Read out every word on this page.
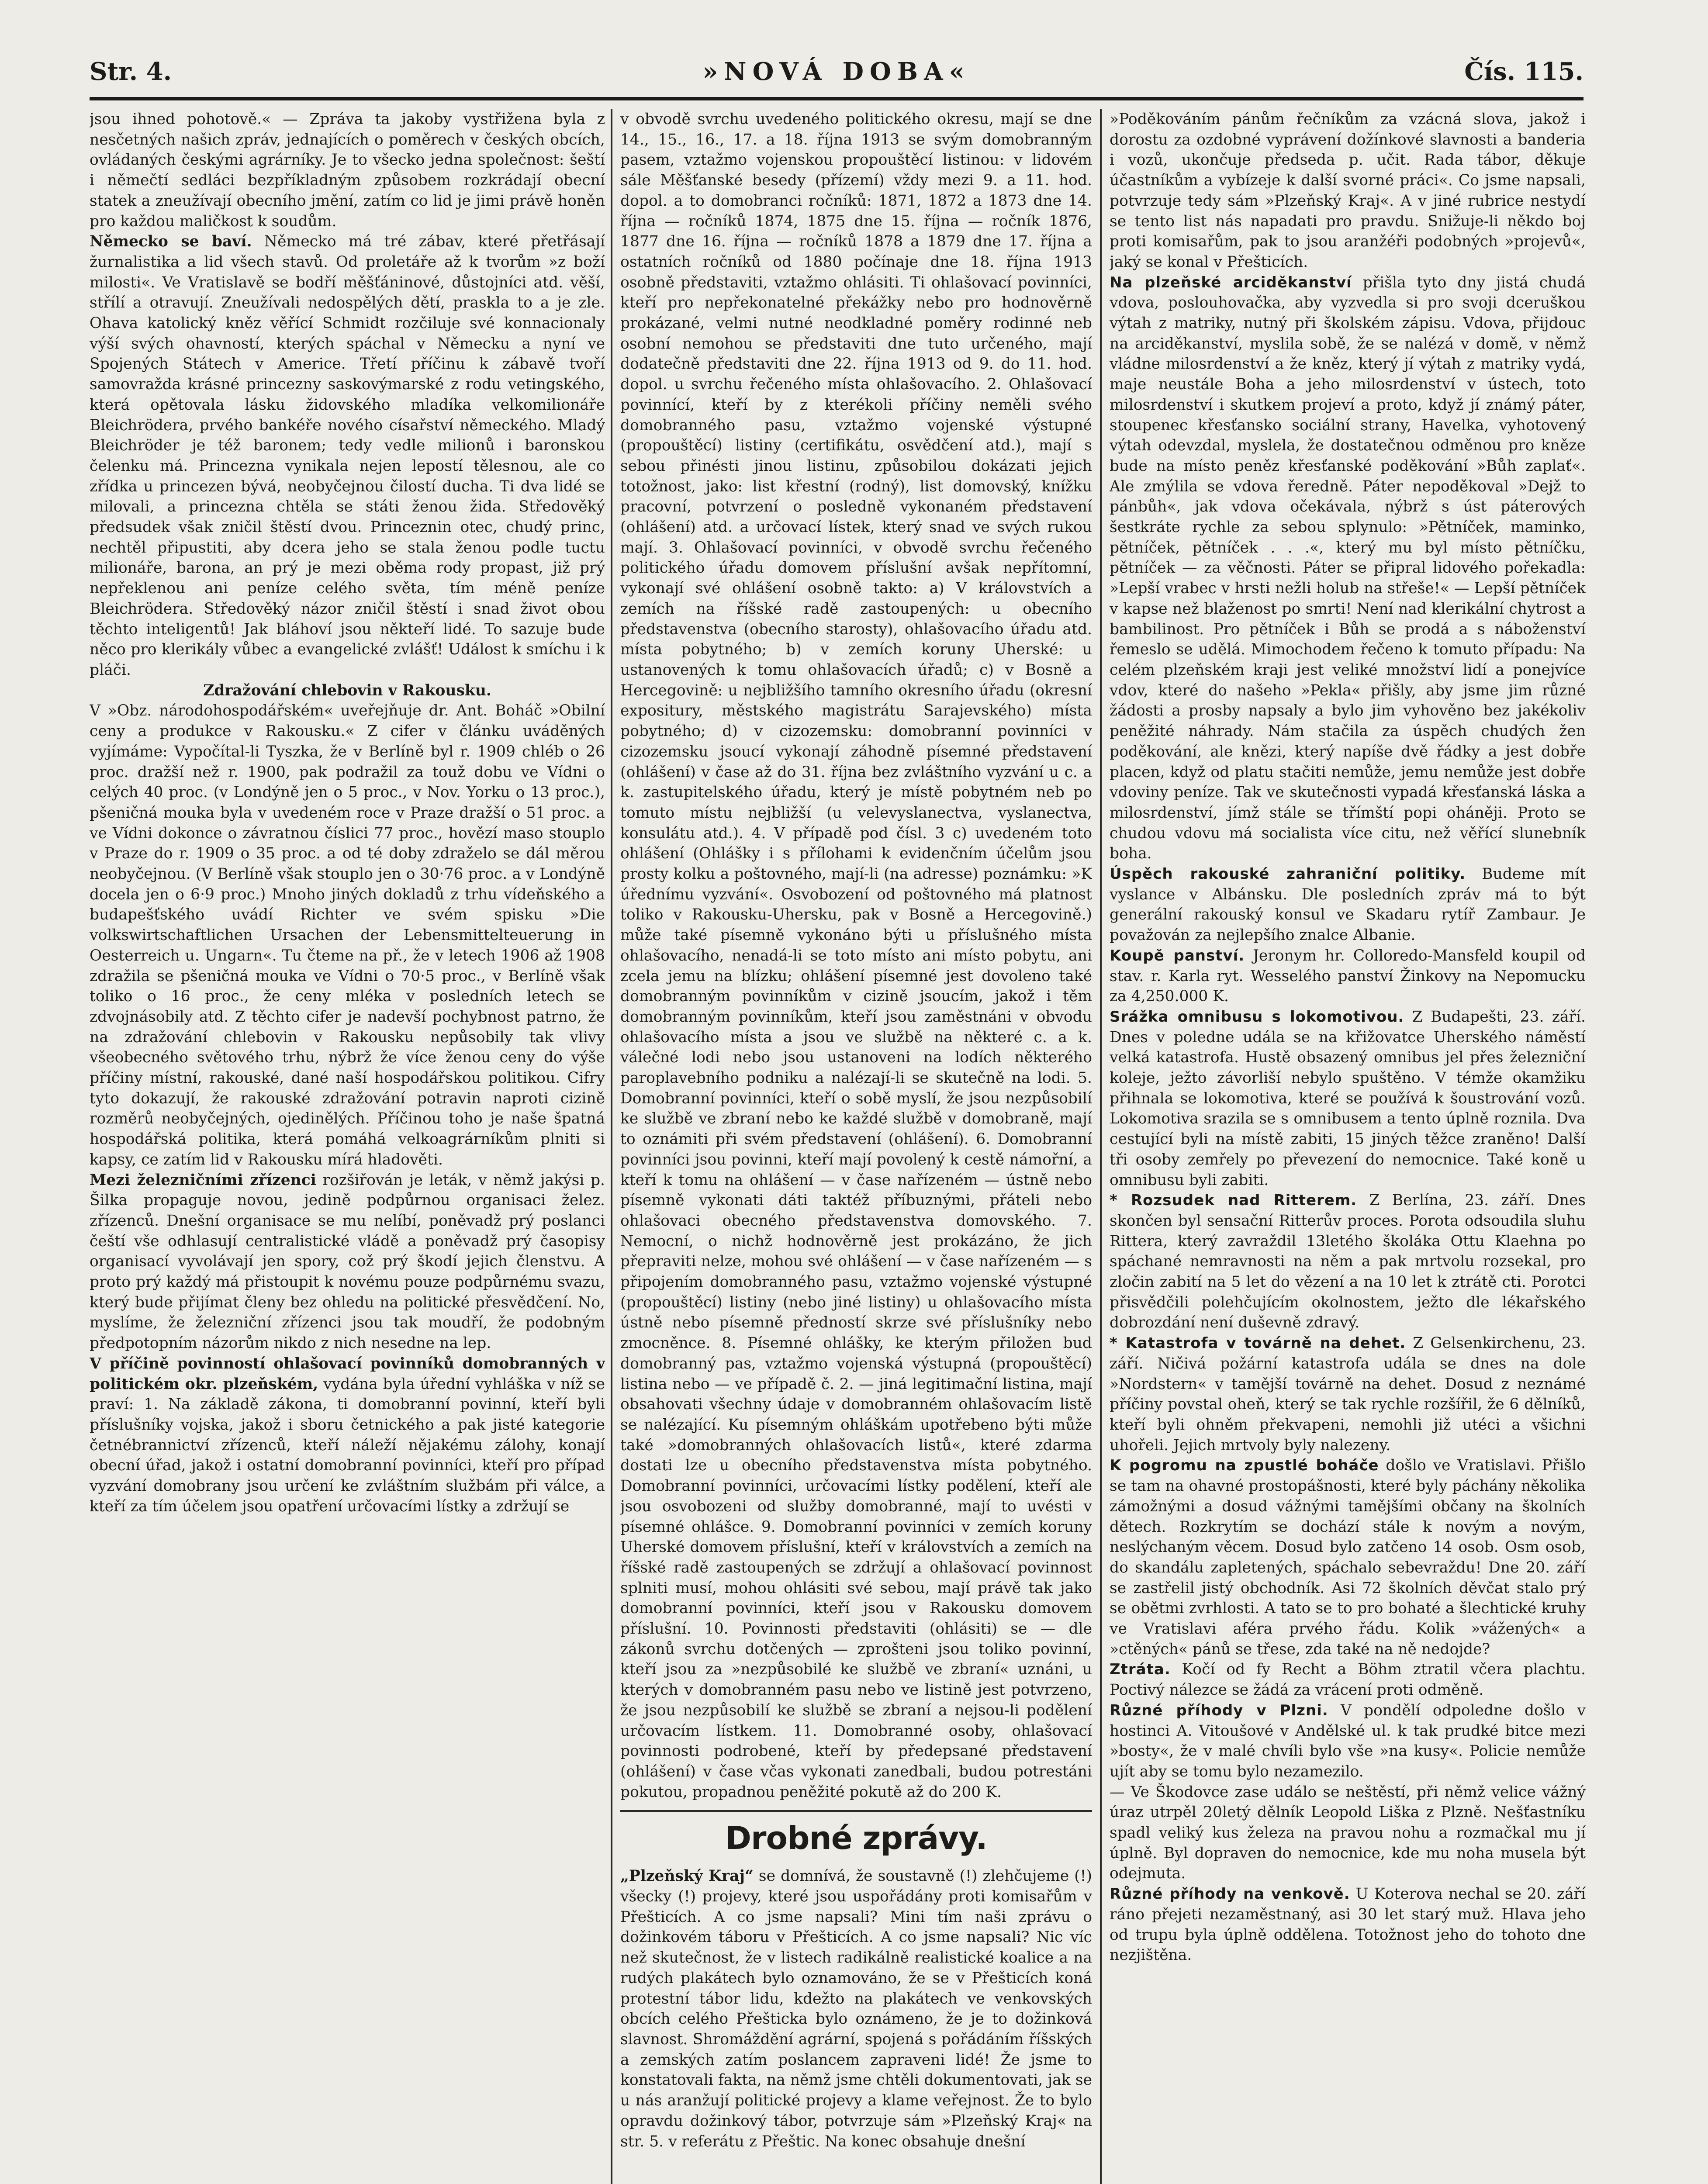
Str. 4.	»NOVÁ DOBA«	Čís. 115.

jsou ihned pohotově.« — Zpráva ta jakoby vystřižena byla z nesčetných našich zpráv, jednajících o poměrech v českých obcích, ovládaných českými agrárníky. Je to všecko jedna společnost: šeští i němečtí sedláci bezpříkladným způsobem rozkrádají obecní statek a zneužívají obecního jmění, zatím co lid je jimi právě honěn pro každou maličkost k soudům.

Německo se baví. Německo má tré zábav, které přetřásají žurnalistika a lid všech stavů. Od proletáře až k tvorům »z boží milosti«. Ve Vratislavě se bodří měšťáninové, důstojníci atd. věší, střílí a otravují. Zneužívali nedospělých dětí, praskla to a je zle. Ohava katolický kněz věřící Schmidt rozčiluje své konnacionaly výší svých ohavností, kterých spáchal v Německu a nyní ve Spojených Státech v Americe. Třetí příčinu k zábavě tvoří samovražda krásné princezny saskovýmarské z rodu vetingského, která opětovala lásku židovského mladíka velkomilionáře Bleichrödera, prvého bankéře nového císařství německého. Mladý Bleichröder je též baronem; tedy vedle milionů i baronskou čelenku má. Princezna vynikala nejen lepostí tělesnou, ale co zřídka u princezen bývá, neobyčejnou čilostí ducha. Ti dva lidé se milovali, a princezna chtěla se státi ženou žida. Středověký předsudek však zničil štěstí dvou. Princeznin otec, chudý princ, nechtěl připustiti, aby dcera jeho se stala ženou podle tuctu milionáře, barona, an prý je mezi oběma rody propast, již prý nepřeklenou ani peníze celého světa, tím méně peníze Bleichrödera. Středověký názor zničil štěstí i snad život obou těchto inteligentů! Jak bláhoví jsou někteří lidé. To sazuje bude něco pro klerikály vůbec a evangelické zvlášť! Událost k smíchu i k pláči.

Zdražování chlebovin v Rakousku.

V »Obz. národohospodářském« uveřejňuje dr. Ant. Boháč »Obilní ceny a produkce v Rakousku.« Z cifer v článku uváděných vyjímáme: Vypočítal-li Tyszka, že v Berlíně byl r. 1909 chléb o 26 proc. dražší než r. 1900, pak podražil za touž dobu ve Vídni o celých 40 proc. (v Londýně jen o 5 proc., v Nov. Yorku o 13 proc.), pšeničná mouka byla v uvedeném roce v Praze dražší o 51 proc. a ve Vídni dokonce o závratnou číslici 77 proc., hovězí maso stouplo v Praze do r. 1909 o 35 proc. a od té doby zdraželo se dál měrou neobyčejnou. (V Berlíně však stouplo jen o 30·76 proc. a v Londýně docela jen o 6·9 proc.) Mnoho jiných dokladů z trhu vídeňského a budapešťského uvádí Richter ve svém spisku »Die volkswirtschaftlichen Ursachen der Lebensmittelteuerung in Oesterreich u. Ungarn«. Tu čteme na př., že v letech 1906 až 1908 zdražila se pšeničná mouka ve Vídni o 70·5 proc., v Berlíně však toliko o 16 proc., že ceny mléka v posledních letech se zdvojnásobily atd. Z těchto cifer je nadevší pochybnost patrno, že na zdražování chlebovin v Rakousku nepůsobily tak vlivy všeobecného světového trhu, nýbrž že více ženou ceny do výše příčiny místní, rakouské, dané naší hospodářskou politikou. Cifry tyto dokazují, že rakouské zdražování potravin naproti cizině rozměrů neobyčejných, ojedinělých. Příčinou toho je naše špatná hospodářská politika, která pomáhá velkoagrárníkům plniti si kapsy, ce zatím lid v Rakousku mírá hladověti.

Mezi železničními zřízenci rozšiřován je leták, v němž jakýsi p. Šilka propaguje novou, jedině podpůrnou organisaci želez. zřízenců. Dnešní organisace se mu nelíbí, poněvadž prý poslanci čeští vše odhlasují centralistické vládě a poněvadž prý časopisy organisací vyvolávají jen spory, což prý škodí jejich členstvu. A proto prý každý má přistoupit k novému pouze podpůrnému svazu, který bude přijímat členy bez ohledu na politické přesvědčení. No, myslíme, že železniční zřízenci jsou tak moudří, že podobným předpotopním názorům nikdo z nich nesedne na lep.

V příčině povinností ohlašovací povinníků domobranných v politickém okr. plzeňském, vydána byla úřední vyhláška v níž se praví: 1. Na základě zákona, ti domobranní povinní, kteří byli příslušníky vojska, jakož i sboru četnického a pak jisté kategorie četnébrannictví zřízenců, kteří náleží nějakému zálohy, konají obecní úřad, jakož i ostatní domobranní povinníci, kteří pro případ vyzvání domobrany jsou určení ke zvláštním službám při válce, a kteří za tím účelem jsou opatření určovacími lístky a zdržují se

v obvodě svrchu uvedeného politického okresu, mají se dne 14., 15., 16., 17. a 18. října 1913 se svým domobranným pasem, vztažmo vojenskou propouštěcí listinou: v lidovém sále Měšťanské besedy (přízemí) vždy mezi 9. a 11. hod. dopol. a to domobranci ročníků: 1871, 1872 a 1873 dne 14. října — ročníků 1874, 1875 dne 15. října — ročník 1876, 1877 dne 16. října — ročníků 1878 a 1879 dne 17. října a ostatních ročníků od 1880 počínaje dne 18. října 1913 osobně představiti, vztažmo ohlásiti. Ti ohlašovací povinníci, kteří pro nepřekonatelné překážky nebo pro hodnověrně prokázané, velmi nutné neodkladné poměry rodinné neb osobní nemohou se představiti dne tuto určeného, mají dodatečně představiti dne 22. října 1913 od 9. do 11. hod. dopol. u svrchu řečeného místa ohlašovacího. 2. Ohlašovací povinnící, kteří by z kterékoli příčiny neměli svého domobranného pasu, vztažmo vojenské výstupné (propouštěcí) listiny (certifikátu, osvědčení atd.), mají s sebou přinésti jinou listinu, způsobilou dokázati jejich totožnost, jako: list křestní (rodný), list domovský, knížku pracovní, potvrzení o posledně vykonaném představení (ohlášení) atd. a určovací lístek, který snad ve svých rukou mají. 3. Ohlašovací povinníci, v obvodě svrchu řečeného politického úřadu domovem příslušní avšak nepřítomní, vykonají své ohlášení osobně takto: a) V královstvích a zemích na říšské radě zastoupených: u obecního představenstva (obecního starosty), ohlašovacího úřadu atd. místa pobytného; b) v zemích koruny Uherské: u ustanovených k tomu ohlašovacích úřadů; c) v Bosně a Hercegovině: u nejbližšího tamního okresního úřadu (okresní expositury, městského magistrátu Sarajevského) místa pobytného; d) v cizozemsku: domobranní povinníci v cizozemsku jsoucí vykonají záhodně písemné představení (ohlášení) v čase až do 31. října bez zvláštního vyzvání u c. a k. zastupitelského úřadu, který je místě pobytném neb po tomuto místu nejbližší (u velevyslanectva, vyslanectva, konsulátu atd.). 4. V případě pod čísl. 3 c) uvedeném toto ohlášení (Ohlášky i s přílohami k evidenčním účelům jsou prosty kolku a poštovného, mají-li (na adresse) poznámku: »K úřednímu vyzvání«. Osvobození od poštovného má platnost toliko v Rakousku-Uhersku, pak v Bosně a Hercegovině.) může také písemně vykonáno býti u příslušného místa ohlašovacího, nenadá-li se toto místo ani místo pobytu, ani zcela jemu na blízku; ohlášení písemné jest dovoleno také domobranným povinníkům v cizině jsoucím, jakož i těm domobranným povinníkům, kteří jsou zaměstnáni v obvodu ohlašovacího místa a jsou ve službě na některé c. a k. válečné lodi nebo jsou ustanoveni na lodích některého paroplavebního podniku a nalézají-li se skutečně na lodi. 5. Domobranní povinníci, kteří o sobě myslí, že jsou nezpůsobilí ke službě ve zbraní nebo ke každé službě v domobraně, mají to oznámiti při svém představení (ohlášení). 6. Domobranní povinníci jsou povinni, kteří mají povolený k cestě námořní, a kteří k tomu na ohlášení — v čase nařízeném — ústně nebo písemně vykonati dáti taktéž příbuznými, přáteli nebo ohlašovaci obecného představenstva domovského. 7. Nemocní, o nichž hodnověrně jest prokázáno, že jich přepraviti nelze, mohou své ohlášení — v čase nařízeném — s připojením domobranného pasu, vztažmo vojenské výstupné (propouštěcí) listiny (nebo jiné listiny) u ohlašovacího místa ústně nebo písemně předností skrze své příslušníky nebo zmocněnce. 8. Písemné ohlášky, ke kterým přiložen bud domobranný pas, vztažmo vojenská výstupná (propouštěcí) listina nebo — ve případě č. 2. — jiná legitimační listina, mají obsahovati všechny údaje v domobranném ohlašovacím listě se nalézající. Ku písemným ohláškám upotřebeno býti může také »domobranných ohlašovacích listů«, které zdarma dostati lze u obecního představenstva místa pobytného. Domobranní povinníci, určovacími lístky podělení, kteří ale jsou osvobozeni od služby domobranné, mají to uvésti v písemné ohlášce. 9. Domobranní povinníci v zemích koruny Uherské domovem příslušní, kteří v královstvích a zemích na říšské radě zastoupených se zdržují a ohlašovací povinnost splniti musí, mohou ohlásiti své sebou, mají právě tak jako domobranní povinníci, kteří jsou v Rakousku domovem příslušní. 10. Povinnosti představiti (ohlásiti) se — dle zákonů svrchu dotčených — zprošteni jsou toliko povinní, kteří jsou za »nezpůsobilé ke službě ve zbraní« uznáni, u kterých v domobranném pasu nebo ve listině jest potvrzeno, že jsou nezpůsobilí ke službě se zbraní a nejsou-li podělení určovacím lístkem. 11. Domobranné osoby, ohlašovací povinnosti podrobené, kteří by předepsané představení (ohlášení) v čase včas vykonati zanedbali, budou potrestáni pokutou, propadnou peněžité pokutě až do 200 K.

Drobné zprávy.

„Plzeňský Kraj“ se domnívá, že soustavně (!) zlehčujeme (!) všecky (!) projevy, které jsou uspořádány proti komisařům v Přešticích. A co jsme napsali? Mini tím naši zprávu o dožinkovém táboru v Přešticích. A co jsme napsali? Nic víc než skutečnost, že v listech radikálně realistické koalice a na rudých plakátech bylo oznamováno, že se v Přešticích koná protestní tábor lidu, kdežto na plakátech ve venkovských obcích celého Přešticka bylo oznámeno, že je to dožinková slavnost. Shromáždění agrární, spojená s pořádáním říšských a zemských zatím poslancem zapraveni lidé! Že jsme to konstatovali fakta, na němž jsme chtěli dokumentovati, jak se u nás aranžují politické projevy a klame veřejnost. Že to bylo opravdu dožinkový tábor, potvrzuje sám »Plzeňský Kraj« na str. 5. v referátu z Přeštic. Na konec obsahuje dnešní

»Poděkováním pánům řečníkům za vzácná slova, jakož i dorostu za ozdobné vyprávení dožínkové slavnosti a banderia i vozů, ukončuje předseda p. učit. Rada tábor, děkuje účastníkům a vybízeje k další svorné práci«. Co jsme napsali, potvrzuje tedy sám »Plzeňský Kraj«. A v jiné rubrice nestydí se tento list nás napadati pro pravdu. Snižuje-li někdo boj proti komisařům, pak to jsou aranžéři podobných »projevů«, jaký se konal v Přešticích.

Na plzeňské arciděkanství přišla tyto dny jistá chudá vdova, poslouhovačka, aby vyzvedla si pro svoji dceruškou výtah z matriky, nutný při školském zápisu. Vdova, přijdouc na arciděkanství, myslila sobě, že se nalézá v domě, v němž vládne milosrdenství a že kněz, který jí výtah z matriky vydá, maje neustále Boha a jeho milosrdenství v ústech, toto milosrdenství i skutkem projeví a proto, když jí známý páter, stoupenec křesťansko sociální strany, Havelka, vyhotovený výtah odevzdal, myslela, že dostatečnou odměnou pro kněze bude na místo peněz křesťanské poděkování »Bůh zaplať«. Ale zmýlila se vdova řeredně. Páter nepoděkoval »Dejž to pánbůh«, jak vdova očekávala, nýbrž s úst páterových šestkráte rychle za sebou splynulo: »Pětníček, maminko, pětníček, pětníček . . .«, který mu byl místo pětníčku, pětníček — za věčnosti. Páter se připral lidového pořekadla: »Lepší vrabec v hrsti nežli holub na střeše!« — Lepší pětníček v kapse než blaženost po smrti! Není nad klerikální chytrost a bambilinost. Pro pětníček i Bůh se prodá a s náboženství řemeslo se udělá. Mimochodem řečeno k tomuto případu: Na celém plzeňském kraji jest veliké množství lidí a ponejvíce vdov, které do našeho »Pekla« přišly, aby jsme jim různé žádosti a prosby napsaly a bylo jim vyhověno bez jakékoliv peněžité náhrady. Nám stačila za úspěch chudých žen poděkování, ale knězi, který napíše dvě řádky a jest dobře placen, když od platu stačiti nemůže, jemu nemůže jest dobře vdoviny peníze. Tak ve skutečnosti vypadá křesťanská láska a milosrdenství, jímž stále se třímští popi oháněji. Proto se chudou vdovu má socialista více citu, než věřící slunebník boha.

Úspěch rakouské zahraniční politiky. Budeme mít vyslance v Albánsku. Dle posledních zpráv má to být generální rakouský konsul ve Skadaru rytíř Zambaur. Je považován za nejlepšího znalce Albanie.

Koupě panství. Jeronym hr. Colloredo-Mansfeld koupil od stav. r. Karla ryt. Wesselého panství Žinkovy na Nepomucku za 4,250.000 K.

Srážka omnibusu s lokomotivou. Z Budapešti, 23. září. Dnes v poledne udála se na křižovatce Uherského náměstí velká katastrofa. Hustě obsazený omnibus jel přes železniční koleje, ježto závorliší nebylo spuštěno. V témže okamžiku přihnala se lokomotiva, které se používá k šoustrování vozů. Lokomotiva srazila se s omnibusem a tento úplně roznila. Dva cestující byli na místě zabiti, 15 jiných těžce zraněno! Další tři osoby zemřely po převezení do nemocnice. Také koně u omnibusu byli zabiti.

* Rozsudek nad Ritterem. Z Berlína, 23. září. Dnes skončen byl sensační Ritterův proces. Porota odsoudila sluhu Rittera, který zavraždil 13letého školáka Ottu Klaehna po spáchané nemravnosti na něm a pak mrtvolu rozsekal, pro zločin zabití na 5 let do vězení a na 10 let k ztrátě cti. Porotci přisvědčili polehčujícím okolnostem, ježto dle lékařského dobrozdání není duševně zdravý.

* Katastrofa v továrně na dehet. Z Gelsenkirchenu, 23. září. Ničivá požární katastrofa udála se dnes na dole »Nordstern« v tamější továrně na dehet. Dosud z neznámé příčiny povstal oheň, který se tak rychle rozšířil, že 6 dělníků, kteří byli ohněm překvapeni, nemohli již utéci a všichni uhořeli. Jejich mrtvoly byly nalezeny.

K pogromu na zpustlé boháče došlo ve Vratislavi. Přišlo se tam na ohavné prostopášnosti, které byly páchány několika zámožnými a dosud vážnými tamějšími občany na školních dětech. Rozkrytím se dochází stále k novým a novým, neslýchaným věcem. Dosud bylo zatčeno 14 osob. Osm osob, do skandálu zapletených, spáchalo sebevraždu! Dne 20. září se zastřelil jistý obchodník. Asi 72 školních děvčat stalo prý se obětmi zvrhlosti. A tato se to pro bohaté a šlechtické kruhy ve Vratislavi aféra prvého řádu. Kolik »vážených« a »ctěných« pánů se třese, zda také na ně nedojde?

Ztráta. Kočí od fy Recht a Böhm ztratil včera plachtu. Poctivý nálezce se žádá za vrácení proti odměně.

Různé příhody v Plzni. V pondělí odpoledne došlo v hostinci A. Vitoušové v Andělské ul. k tak prudké bitce mezi »bosty«, že v malé chvíli bylo vše »na kusy«. Policie nemůže ujít aby se tomu bylo nezamezilo.

— Ve Škodovce zase událo se neštěstí, při němž velice vážný úraz utrpěl 20letý dělník Leopold Liška z Plzně. Nešťastníku spadl veliký kus železa na pravou nohu a rozmačkal mu jí úplně. Byl dopraven do nemocnice, kde mu noha musela být odejmuta.

Různé příhody na venkově. U Koterova nechal se 20. září ráno přejeti nezaměstnaný, asi 30 let starý muž. Hlava jeho od trupu byla úplně oddělena. Totožnost jeho do tohoto dne nezjištěna.
